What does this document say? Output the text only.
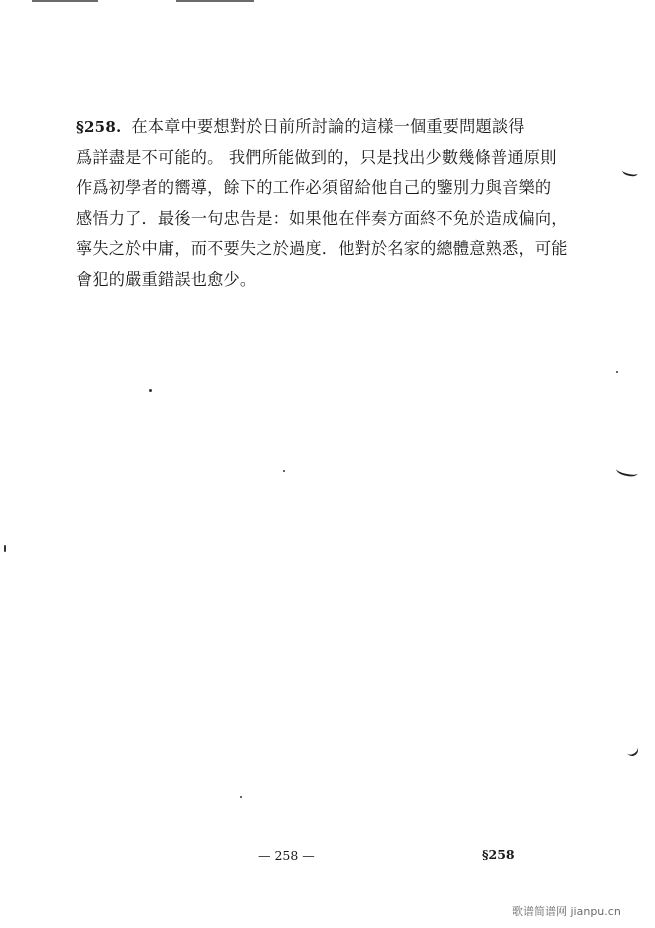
§258. 在本章中要想對於日前所討論的這樣一個重要問題談得
爲詳盡是不可能的。 我們所能做到的，只是找出少數幾條普通原則
作爲初學者的嚮導，餘下的工作必須留給他自己的鑒別力與音樂的
感悟力了．最後一句忠告是：如果他在伴奏方面終不免於造成偏向，
寧失之於中庸，而不要失之於過度．他對於名家的總體意熟悉，可能
會犯的嚴重錯誤也愈少。
— 258 —	§258
歌谱简谱网 jianpu.cn
